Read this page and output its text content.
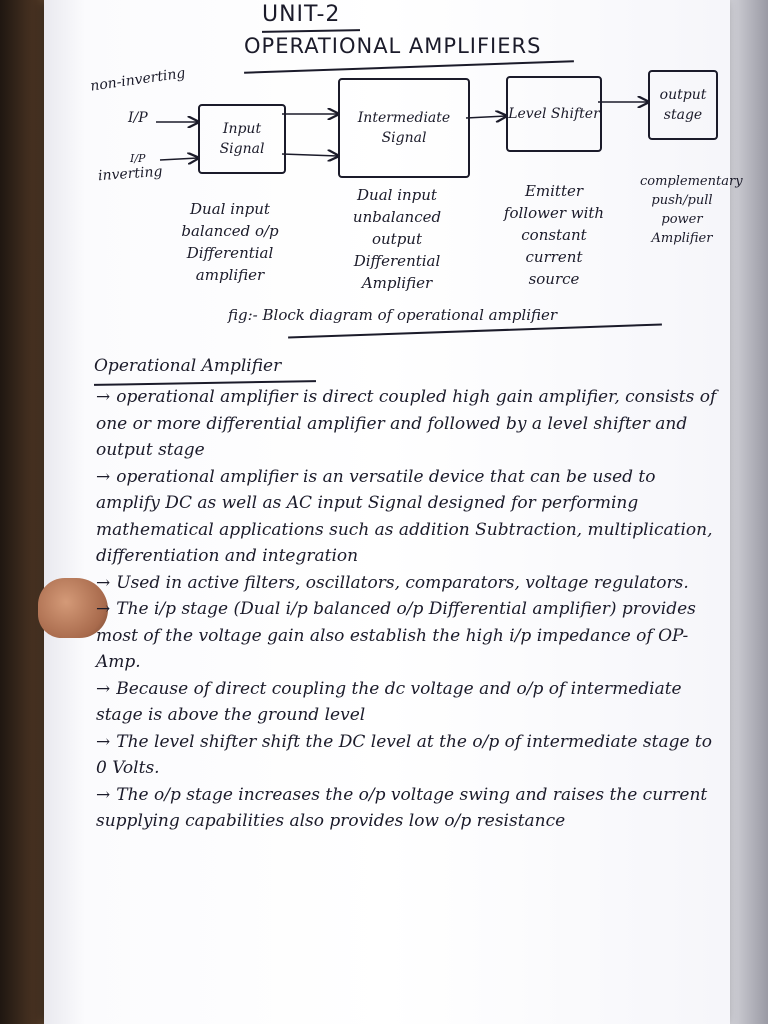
UNIT-2
OPERATIONAL AMPLIFIERS
non-inverting
I/P
I/P
inverting
Input Signal
Intermediate Signal
Level Shifter
output stage
Dual input balanced o/p Differential amplifier
Dual input unbalanced output Differential Amplifier
Emitter follower with constant current source
complementary push/pull power Amplifier
fig:- Block diagram of operational amplifier
Operational Amplifier

→ operational amplifier is direct coupled high gain amplifier, consists of one or more differential amplifier and followed by a level shifter and output stage

→ operational amplifier is an versatile device that can be used to amplify DC as well as AC input Signal designed for performing mathematical applications such as addition Subtraction, multiplication, differentiation and integration

→ Used in active filters, oscillators, comparators, voltage regulators.

→ The i/p stage (Dual i/p balanced o/p Differential amplifier) provides most of the voltage gain also establish the high i/p impedance of OP-Amp.

→ Because of direct coupling the dc voltage and o/p of intermediate stage is above the ground level

→ The level shifter shift the DC level at the o/p of intermediate stage to 0 Volts.

→ The o/p stage increases the o/p voltage swing and raises the current supplying capabilities also provides low o/p resistance
